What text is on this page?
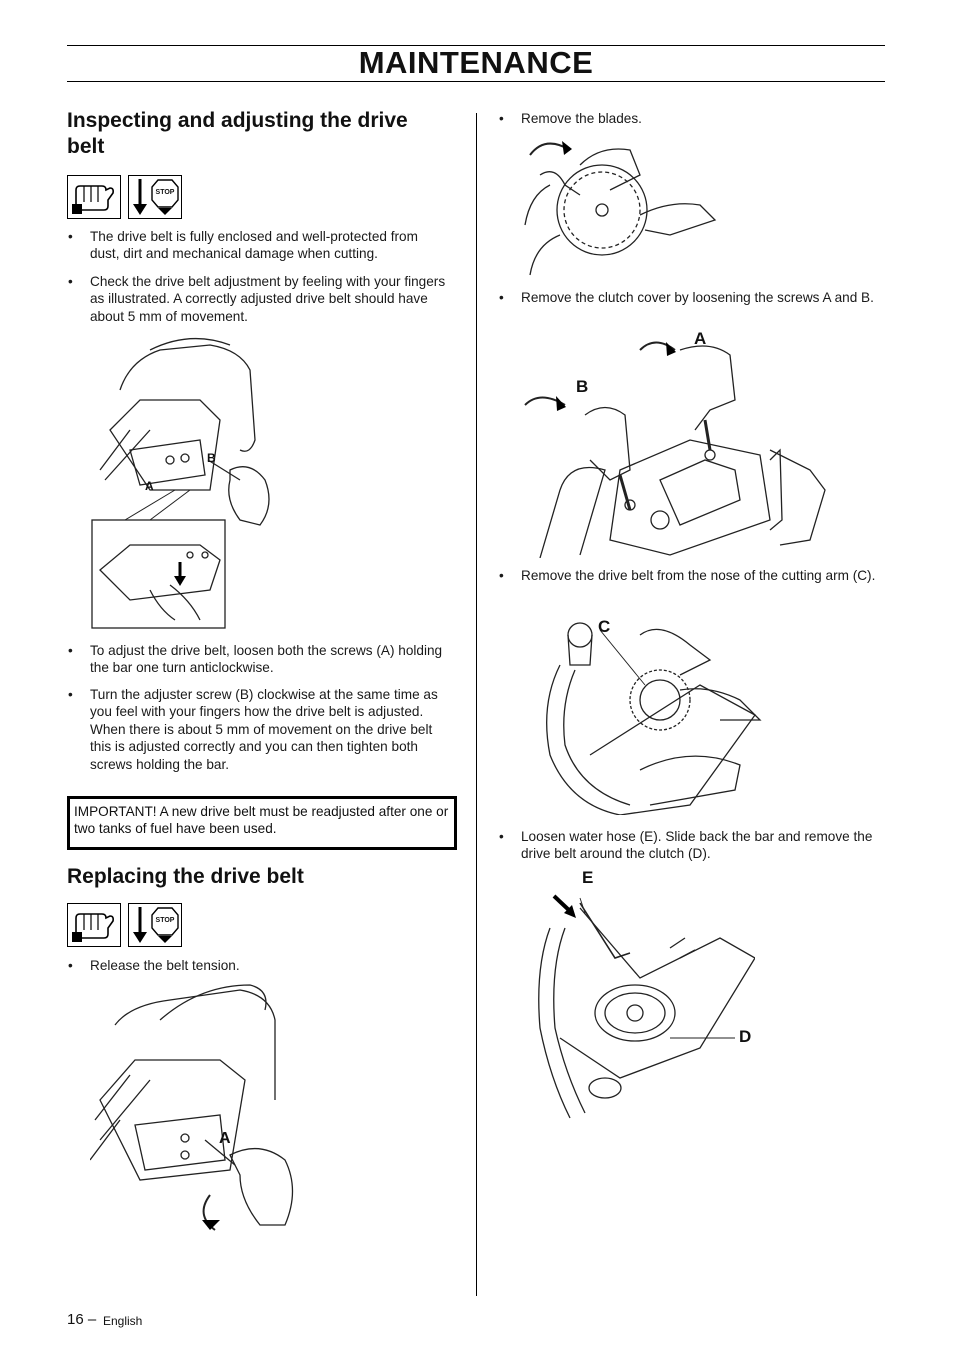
MAINTENANCE
Inspecting and adjusting the drive belt
STOP
• The drive belt is fully enclosed and well-protected from dust, dirt and mechanical damage when cutting.
• Check the drive belt adjustment by feeling with your fingers as illustrated. A correctly adjusted drive belt should have about 5 mm of movement.
B
A
• To adjust the drive belt, loosen both the screws (A) holding the bar one turn anticlockwise.
• Turn the adjuster screw (B) clockwise at the same time as you feel with your fingers how the drive belt is adjusted. When there is about 5 mm of movement on the drive belt this is adjusted correctly and you can then tighten both screws holding the bar.
IMPORTANT! A new drive belt must be readjusted after one or two tanks of fuel have been used.
Replacing the drive belt
STOP
• Release the belt tension.
A
• Remove the blades.
• Remove the clutch cover by loosening the screws A and B.
A
B
• Remove the drive belt from the nose of the cutting arm (C).
C
• Loosen water hose (E). Slide back the bar and remove the drive belt around the clutch (D).
E
D
16 – English
